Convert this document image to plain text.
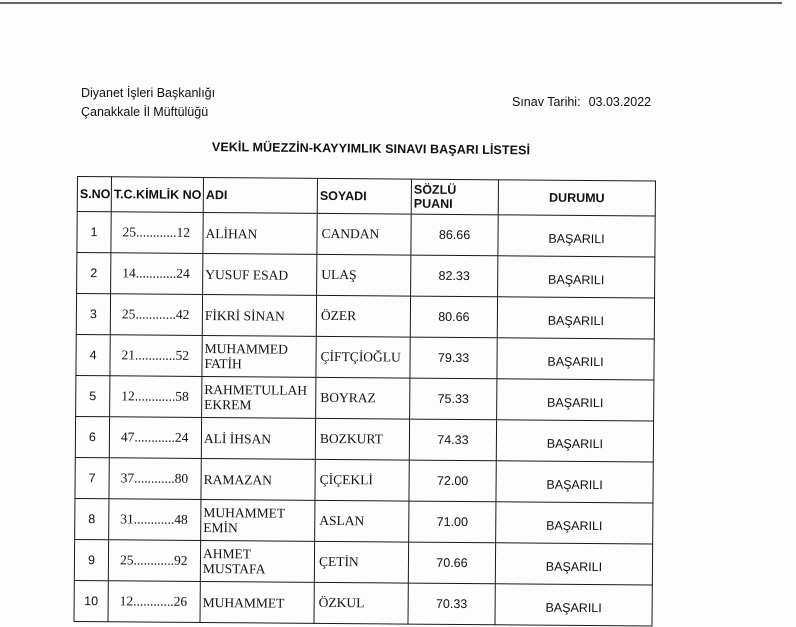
Diyanet İşleri Başkanlığı
Çanakkale İl Müftülüğü
Sınav Tarihi: 03.03.2022
VEKİL MÜEZZİN-KAYYIMLIK SINAVI BAŞARI LİSTESİ
S.NO	T.C.KİMLİK NO	ADI	SOYADI	SÖZLÜ PUANI	DURUMU
1	25............12	ALİHAN	CANDAN	86.66	BAŞARILI
2	14............24	YUSUF ESAD	ULAŞ	82.33	BAŞARILI
3	25............42	FİKRİ SİNAN	ÖZER	80.66	BAŞARILI
4	21............52	MUHAMMED FATİH	ÇİFTÇİOĞLU	79.33	BAŞARILI
5	12............58	RAHMETULLAH EKREM	BOYRAZ	75.33	BAŞARILI
6	47............24	ALİ İHSAN	BOZKURT	74.33	BAŞARILI
7	37............80	RAMAZAN	ÇİÇEKLİ	72.00	BAŞARILI
8	31............48	MUHAMMET EMİN	ASLAN	71.00	BAŞARILI
9	25............92	AHMET MUSTAFA	ÇETİN	70.66	BAŞARILI
10	12............26	MUHAMMET	ÖZKUL	70.33	BAŞARILI
